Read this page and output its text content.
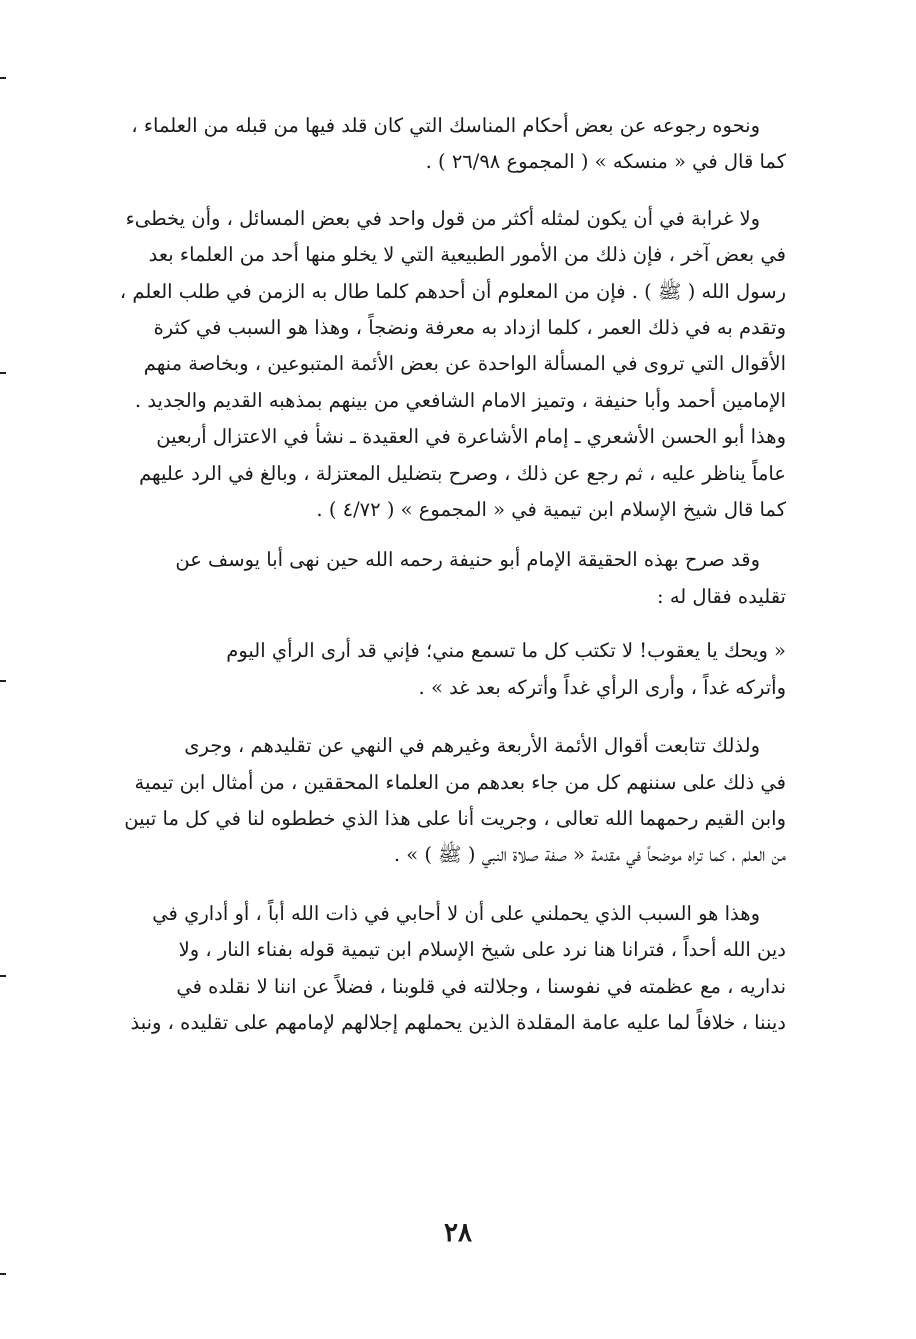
ونحوه رجوعه عن بعض أحكام المناسك التي كان قلد فيها من قبله من العلماء ،
كما قال في « منسكه » ( المجموع ٢٦/٩٨ ) .

ولا غرابة في أن يكون لمثله أكثر من قول واحد في بعض المسائل ، وأن يخطىء
في بعض آخر ، فإن ذلك من الأمور الطبيعية التي لا يخلو منها أحد من العلماء بعد
رسول الله ( ﷺ ) . فإن من المعلوم أن أحدهم كلما طال به الزمن في طلب العلم ،
وتقدم به في ذلك العمر ، كلما ازداد به معرفة ونضجاً ، وهذا هو السبب في كثرة
الأقوال التي تروى في المسألة الواحدة عن بعض الأئمة المتبوعين ، وبخاصة منهم
الإمامين أحمد وأبا حنيفة ، وتميز الامام الشافعي من بينهم بمذهبه القديم والجديد .
وهذا أبو الحسن الأشعري ـ إمام الأشاعرة في العقيدة ـ نشأ في الاعتزال أربعين
عاماً يناظر عليه ، ثم رجع عن ذلك ، وصرح بتضليل المعتزلة ، وبالغ في الرد عليهم
كما قال شيخ الإسلام ابن تيمية في « المجموع » ( ٤/٧٢ ) .

وقد صرح بهذه الحقيقة الإمام أبو حنيفة رحمه الله حين نهى أبا يوسف عن
تقليده فقال له :

« ويحك يا يعقوب! لا تكتب كل ما تسمع مني؛ فإني قد أرى الرأي اليوم
وأتركه غداً ، وأرى الرأي غداً وأتركه بعد غد » .

ولذلك تتابعت أقوال الأئمة الأربعة وغيرهم في النهي عن تقليدهم ، وجرى
في ذلك على سننهم كل من جاء بعدهم من العلماء المحققين ، من أمثال ابن تيمية
وابن القيم رحمهما الله تعالى ، وجريت أنا على هذا الذي خططوه لنا في كل ما تبين
من العلم ، كما تراه موضحاً في مقدمة « صفة صلاة النبي ( ﷺ ) » .

وهذا هو السبب الذي يحملني على أن لا أحابي في ذات الله أباً ، أو أداري في
دين الله أحداً ، فترانا هنا نرد على شيخ الإسلام ابن تيمية قوله بفناء النار ، ولا
نداريه ، مع عظمته في نفوسنا ، وجلالته في قلوبنا ، فضلاً عن اننا لا نقلده في
ديننا ، خلافاً لما عليه عامة المقلدة الذين يحملهم إجلالهم لإمامهم على تقليده ، ونبذ

٢٨
